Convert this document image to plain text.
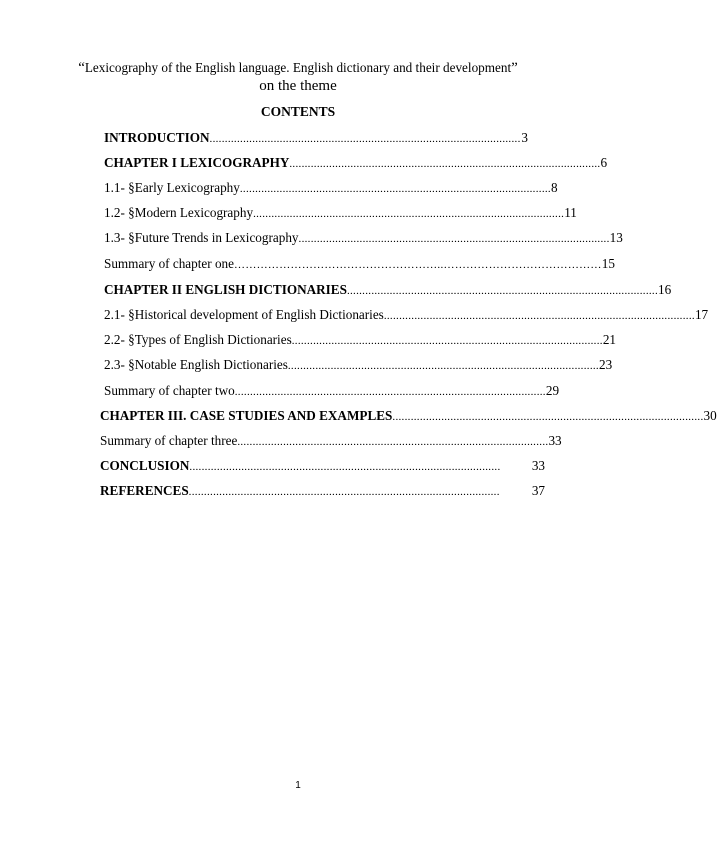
“Lexicography of the English language. English dictionary and their development”
on the theme
CONTENTS
INTRODUCTION ...................................................................................................... 3
CHAPTER I LEXICOGRAPHY ...................................................................................................... 6
1.1- § Early Lexicography ...................................................................................................... 8
1.2- § Modern Lexicography ...................................................................................................... 11
1.3- § Future Trends in Lexicography ...................................................................................................... 13
Summary of chapter one ………………………………………………..…………………………………… 15
CHAPTER II ENGLISH DICTIONARIES ...................................................................................................... 16
2.1- § Historical development of English Dictionaries ...................................................................................................... 17
2.2- § Types of English Dictionaries ...................................................................................................... 21
2.3- § Notable English Dictionaries ...................................................................................................... 23
Summary of chapter two ...................................................................................................... 29
CHAPTER III. CASE STUDIES AND EXAMPLES ...................................................................................................... 30
Summary of chapter three ...................................................................................................... 33
CONCLUSION ......................................................................................................	33
REFERENCES ......................................................................................................	37
1
